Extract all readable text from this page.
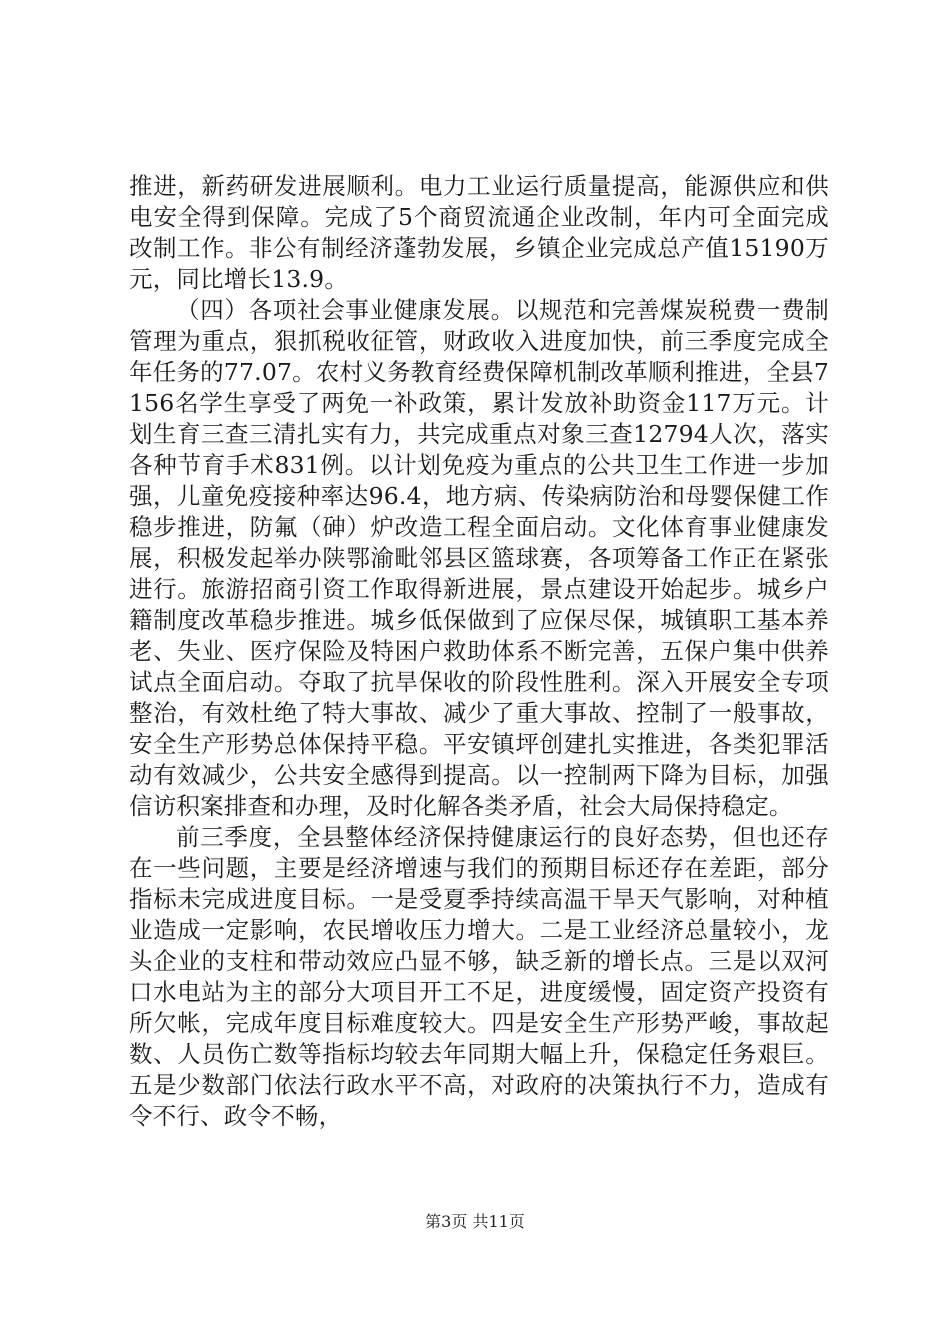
推进，新药研发进展顺利。电力工业运行质量提高，能源供应和供电安全得到保障。完成了5个商贸流通企业改制，年内可全面完成改制工作。非公有制经济蓬勃发展，乡镇企业完成总产值15190万元，同比增长13.9。

（四）各项社会事业健康发展。以规范和完善煤炭税费一费制管理为重点，狠抓税收征管，财政收入进度加快，前三季度完成全年任务的77.07。农村义务教育经费保障机制改革顺利推进，全县7156名学生享受了两免一补政策，累计发放补助资金117万元。计划生育三查三清扎实有力，共完成重点对象三查12794人次，落实各种节育手术831例。以计划免疫为重点的公共卫生工作进一步加强，儿童免疫接种率达96.4，地方病、传染病防治和母婴保健工作稳步推进，防氟（砷）炉改造工程全面启动。文化体育事业健康发展，积极发起举办陕鄂渝毗邻县区篮球赛，各项筹备工作正在紧张进行。旅游招商引资工作取得新进展，景点建设开始起步。城乡户籍制度改革稳步推进。城乡低保做到了应保尽保，城镇职工基本养老、失业、医疗保险及特困户救助体系不断完善，五保户集中供养试点全面启动。夺取了抗旱保收的阶段性胜利。深入开展安全专项整治，有效杜绝了特大事故、减少了重大事故、控制了一般事故，安全生产形势总体保持平稳。平安镇坪创建扎实推进，各类犯罪活动有效减少，公共安全感得到提高。以一控制两下降为目标，加强信访积案排查和办理，及时化解各类矛盾，社会大局保持稳定。

前三季度，全县整体经济保持健康运行的良好态势，但也还存在一些问题，主要是经济增速与我们的预期目标还存在差距，部分指标未完成进度目标。一是受夏季持续高温干旱天气影响，对种植业造成一定影响，农民增收压力增大。二是工业经济总量较小，龙头企业的支柱和带动效应凸显不够，缺乏新的增长点。三是以双河口水电站为主的部分大项目开工不足，进度缓慢，固定资产投资有所欠帐，完成年度目标难度较大。四是安全生产形势严峻，事故起数、人员伤亡数等指标均较去年同期大幅上升，保稳定任务艰巨。五是少数部门依法行政水平不高，对政府的决策执行不力，造成有令不行、政令不畅，

第3页 共11页
